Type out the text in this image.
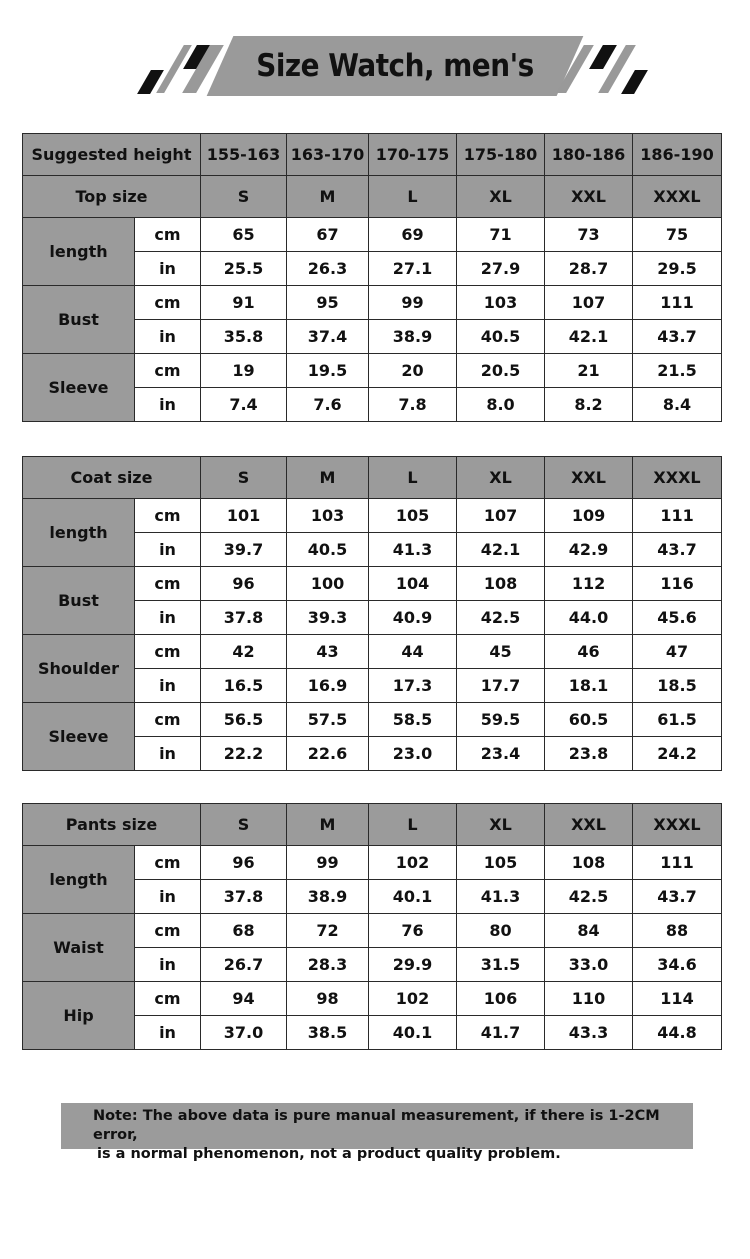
Size Watch, men's
Suggested height		155-163	163-170	170-175	175-180	180-186	186-190
Top size		S	M	L	XL	XXL	XXXL
length	cm	65	67	69	71	73	75
	in	25.5	26.3	27.1	27.9	28.7	29.5
Bust	cm	91	95	99	103	107	111
	in	35.8	37.4	38.9	40.5	42.1	43.7
Sleeve	cm	19	19.5	20	20.5	21	21.5
	in	7.4	7.6	7.8	8.0	8.2	8.4
Coat size		S	M	L	XL	XXL	XXXL
length	cm	101	103	105	107	109	111
	in	39.7	40.5	41.3	42.1	42.9	43.7
Bust	cm	96	100	104	108	112	116
	in	37.8	39.3	40.9	42.5	44.0	45.6
Shoulder	cm	42	43	44	45	46	47
	in	16.5	16.9	17.3	17.7	18.1	18.5
Sleeve	cm	56.5	57.5	58.5	59.5	60.5	61.5
	in	22.2	22.6	23.0	23.4	23.8	24.2
Pants size		S	M	L	XL	XXL	XXXL
length	cm	96	99	102	105	108	111
	in	37.8	38.9	40.1	41.3	42.5	43.7
Waist	cm	68	72	76	80	84	88
	in	26.7	28.3	29.9	31.5	33.0	34.6
Hip	cm	94	98	102	106	110	114
	in	37.0	38.5	40.1	41.7	43.3	44.8
Note: The above data is pure manual measurement, if there is 1-2CM error,
is a normal phenomenon, not a product quality problem.
